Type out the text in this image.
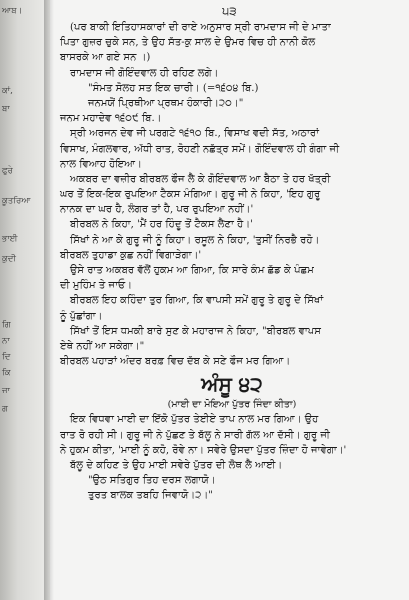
ਆਬ।
ਕਾਂ,
ਬਾ
ਫੁਰੇ
ਕੂਤਰਿਆ
ਭਾਈ
ਕੁਦੀ
ਗਿ
ਨਾ
ਦਿ
ਕਿ
ਜਾ
ਗ
੫੩
(ਪਰ ਬਾਕੀ ਇਤਿਹਾਸਕਾਰਾਂ ਦੀ ਰਾਏ ਅਨੁਸਾਰ ਸ੍ਰੀ ਰਾਮਦਾਸ ਜੀ ਦੇ ਮਾਤਾ
ਪਿਤਾ ਗੁਜ਼ਰ ਚੁਕੇ ਸਨ, ਤੇ ਉਹ ਸੱਤ-ਕੁ ਸਾਲ ਦੇ ਉਮਰ ਵਿਚ ਹੀ ਨਾਨੀ ਕੋਲ
ਬਾਸਰਕੇ ਆ ਗਏ ਸਨ ।)
ਰਾਮਦਾਸ ਜੀ ਗੋਇੰਦਵਾਲ ਹੀ ਰਹਿਣ ਲਗੇ।
"ਸੰਮਤ ਸੋਲਹ ਸਤ ਇਕ ਚਾਰੀ। (=੧੬੦੪ ਬਿ.)
ਜਨਮਯੋਂ ਪ੍ਰਿਥੀਆ ਪ੍ਰਥਮ ਹੰਕਾਰੀ।੨੦।"
ਜਨਮ ਮਹਾਦੇਵ ੧੬੦੯ ਬਿ.।
ਸ੍ਰੀ ਅਰਜਨ ਦੇਵ ਜੀ ਪਰਗਟੇ ੧੬੧੦ ਬਿ., ਵਿਸਾਖ ਵਦੀ ਸੱਤ, ਅਠਾਰਾਂ
ਵਿਸਾਖ, ਮੰਗਲਵਾਰ, ਅੱਧੀ ਰਾਤ, ਰੋਹਣੀ ਨਛੱਤ੍ਰ ਸਮੇਂ। ਗੋਇੰਦਵਾਲ ਹੀ ਗੰਗਾ ਜੀ
ਨਾਲ ਵਿਆਹ ਹੋਇਆ।
ਅਕਬਰ ਦਾ ਵਜ਼ੀਰ ਬੀਰਬਲ ਫੌਜ ਲੈ ਕੇ ਗੋਇੰਦਵਾਲ ਆ ਬੈਠਾ ਤੇ ਹਰ ਖੱਤ੍ਰੀ
ਘਰ ਤੋਂ ਇਕ-ਇਕ ਰੁਪਇਆ ਟੈਕਸ ਮੰਗਿਆ। ਗੁਰੂ ਜੀ ਨੇ ਕਿਹਾ, 'ਇਹ ਗੁਰੂ
ਨਾਨਕ ਦਾ ਘਰ ਹੈ, ਲੰਗਰ ਤਾਂ ਹੈ, ਪਰ ਰੁਪਇਆ ਨਹੀਂ।'
ਬੀਰਬਲ ਨੇ ਕਿਹਾ, 'ਮੈਂ ਹਰ ਹਿੰਦੂ ਤੋਂ ਟੈਕਸ ਲੈਣਾ ਹੈ।'
ਸਿੱਖਾਂ ਨੇ ਆ ਕੇ ਗੁਰੂ ਜੀ ਨੂੰ ਕਿਹਾ। ਰਸੂਲ ਨੇ ਕਿਹਾ, 'ਤੁਸੀਂ ਨਿਰਭੈ ਰਹੋ।
ਬੀਰਬਲ ਤੁਹਾਡਾ ਕੁਛ ਨਹੀਂ ਵਿਗਾੜੇਗਾ।'
ਉਸੇ ਰਾਤ ਅਕਬਰ ਵੱਲੋਂ ਹੁਕਮ ਆ ਗਿਆ, ਕਿ ਸਾਰੇ ਕੰਮ ਛੱਡ ਕੇ ਪੰਛਮ
ਦੀ ਮੁਹਿੰਮ ਤੇ ਜਾਓ।
ਬੀਰਬਲ ਇਹ ਕਹਿੰਦਾ ਤੁਰ ਗਿਆ, ਕਿ ਵਾਪਸੀ ਸਮੇਂ ਗੁਰੂ ਤੇ ਗੁਰੂ ਦੇ ਸਿੱਖਾਂ
ਨੂੰ ਪੁੱਛਾਂਗਾ।
ਸਿੱਖਾਂ ਤੋਂ ਇਸ ਧਮਕੀ ਬਾਰੇ ਸੁਣ ਕੇ ਮਹਾਰਾਜ ਨੇ ਕਿਹਾ, "ਬੀਰਬਲ ਵਾਪਸ
ਏਥੇ ਨਹੀਂ ਆ ਸਕੇਗਾ।"
ਬੀਰਬਲ ਪਹਾੜਾਂ ਅੰਦਰ ਬਰਫ਼ ਵਿਚ ਦੱਬ ਕੇ ਸਣੇ ਫੌਜ ਮਰ ਗਿਆ।
ਅੰਸੂ ੪੨
(ਮਾਈ ਦਾ ਮੋਇਆ ਪੁੱਤਰ ਜਿੰਦਾ ਕੀਤਾ)
ਇਕ ਵਿਧਵਾ ਮਾਈ ਦਾ ਇੱਕੋ ਪੁੱਤਰ ਤੇਈਏ ਤਾਪ ਨਾਲ ਮਰ ਗਿਆ। ਉਹ
ਰਾਤ ਰੋ ਰਹੀ ਸੀ। ਗੁਰੂ ਜੀ ਨੇ ਪੁੱਛਣ ਤੇ ਬੱਲੂ ਨੇ ਸਾਰੀ ਗੱਲ ਆ ਦੱਸੀ। ਗੁਰੂ ਜੀ
ਨੇ ਹੁਕਮ ਕੀਤਾ, 'ਮਾਈ ਨੂੰ ਕਹੋ, ਰੋਵੇ ਨਾ। ਸਵੇਰੇ ਉਸਦਾ ਪੁੱਤਰ ਜ਼ਿੰਦਾ ਹੋ ਜਾਵੇਗਾ।'
ਬੱਲੂ ਦੇ ਕਹਿਣ ਤੇ ਉਹ ਮਾਈ ਸਵੇਰੇ ਪੁੱਤਰ ਦੀ ਲੋਥ ਲੈ ਆਈ।
"ਉਠ ਸਤਿਗੁਰ ਤਿਹ ਦਰਸ ਲਗਾਯੋ।
ਤੁਰਤ ਬਾਲਕ ਤਬਹਿ ਜਿਵਾਯੋ।੨।"
